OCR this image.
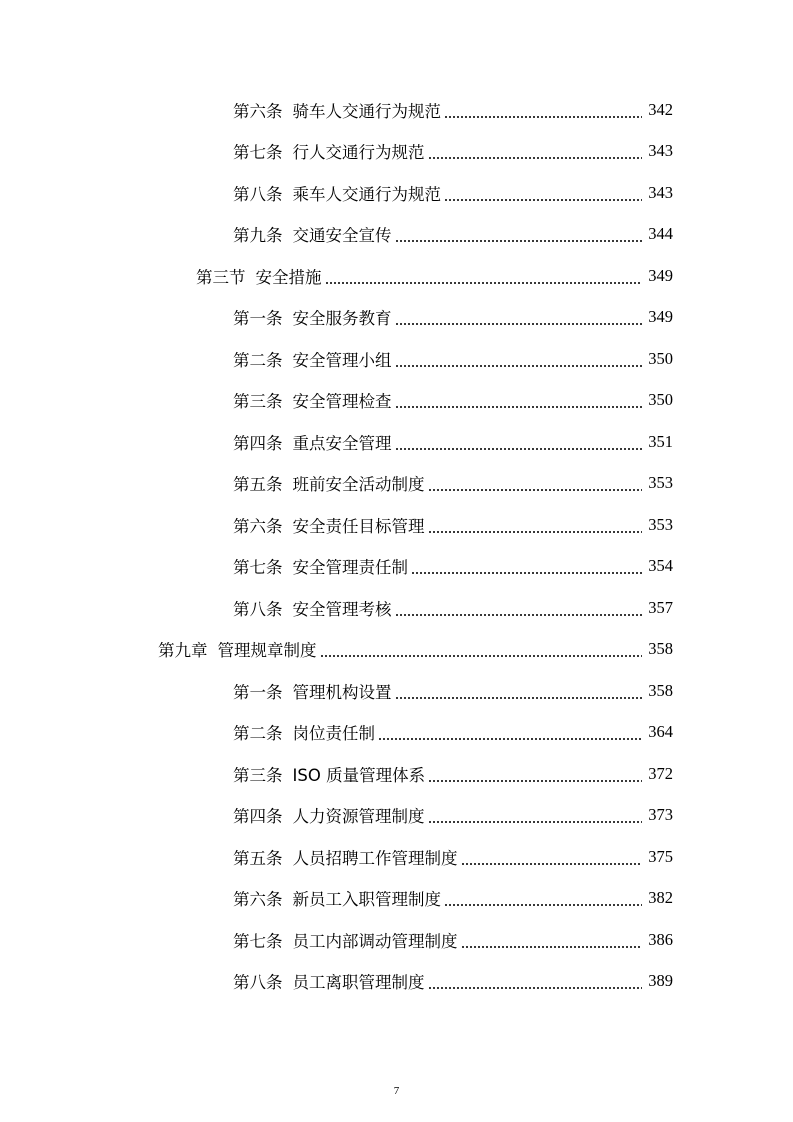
第六条 骑车人交通行为规范	342
第七条 行人交通行为规范	343
第八条 乘车人交通行为规范	343
第九条 交通安全宣传	344
第三节 安全措施	349
第一条 安全服务教育	349
第二条 安全管理小组	350
第三条 安全管理检查	350
第四条 重点安全管理	351
第五条 班前安全活动制度	353
第六条 安全责任目标管理	353
第七条 安全管理责任制	354
第八条 安全管理考核	357
第九章 管理规章制度	358
第一条 管理机构设置	358
第二条 岗位责任制	364
第三条 ISO 质量管理体系	372
第四条 人力资源管理制度	373
第五条 人员招聘工作管理制度	375
第六条 新员工入职管理制度	382
第七条 员工内部调动管理制度	386
第八条 员工离职管理制度	389
7
